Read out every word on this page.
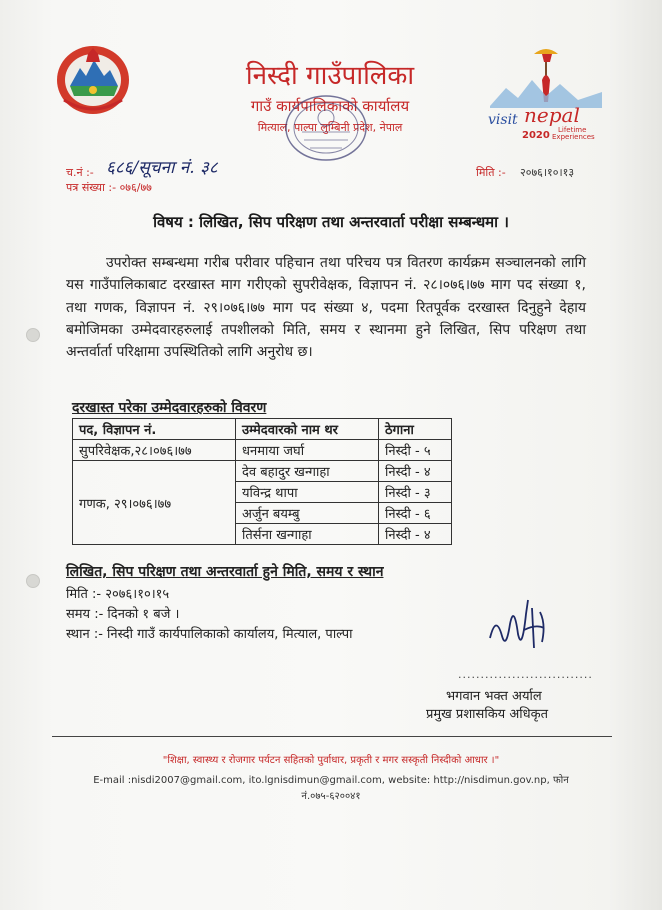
निस्दी गाउँपालिका
गाउँ कार्यपालिकाको कार्यालय
मित्याल, पाल्पा लुम्बिनी प्रदेश, नेपाल	visit nepal
2020 Lifetime
Experiences
च.नं :- ६८६/सूचना नं. ३८
पत्र संख्या :- ०७६/७७
मिति :- २०७६।१०।१३
विषय : लिखित, सिप परिक्षण तथा अन्तरवार्ता परीक्षा सम्बन्धमा ।
उपरोक्त सम्बन्धमा गरीब परीवार पहिचान तथा परिचय पत्र वितरण कार्यक्रम सञ्चालनको लागि यस गाउँपालिकाबाट दरखास्त माग गरीएको सुपरीवेक्षक, विज्ञापन नं. २८।०७६।७७ माग पद संख्या १, तथा गणक, विज्ञापन नं. २९।०७६।७७ माग पद संख्या ४, पदमा रितपूर्वक दरखास्त दिनुहुने देहाय बमोजिमका उम्मेदवारहरुलाई तपशीलको मिति, समय र स्थानमा हुने लिखित, सिप परिक्षण तथा अन्तर्वार्ता परिक्षामा उपस्थितिको लागि अनुरोध छ।
दरखास्त परेका उम्मेदवारहरुको विवरण
पद, विज्ञापन नं.	उम्मेदवारको नाम थर	ठेगाना
सुपरिवेक्षक,२८।०७६।७७	धनमाया जर्घा	निस्दी - ५
गणक, २९।०७६।७७	देव बहादुर खन्गाहा	निस्दी - ४
	यविन्द्र थापा	निस्दी - ३
	अर्जुन बयम्बु	निस्दी - ६
	तिर्सना खन्गाहा	निस्दी - ४
लिखित, सिप परिक्षण तथा अन्तरवार्ता हुने मिति, समय र स्थान
मिति :- २०७६।१०।१५
समय :- दिनको १ बजे ।
स्थान :- निस्दी गाउँ कार्यपालिकाको कार्यालय, मित्याल, पाल्पा
..............................
भगवान भक्त अर्याल
प्रमुख प्रशासकिय अधिकृत
"शिक्षा, स्वास्थ्य र रोजगार पर्यटन सहितको पुर्वाधार, प्रकृती र मगर सस्कृती निस्दीको आधार ।"
E-mail :nisdi2007@gmail.com, ito.lgnisdimun@gmail.com, website: http://nisdimun.gov.np, फोन
नं.०७५-६२००४१
